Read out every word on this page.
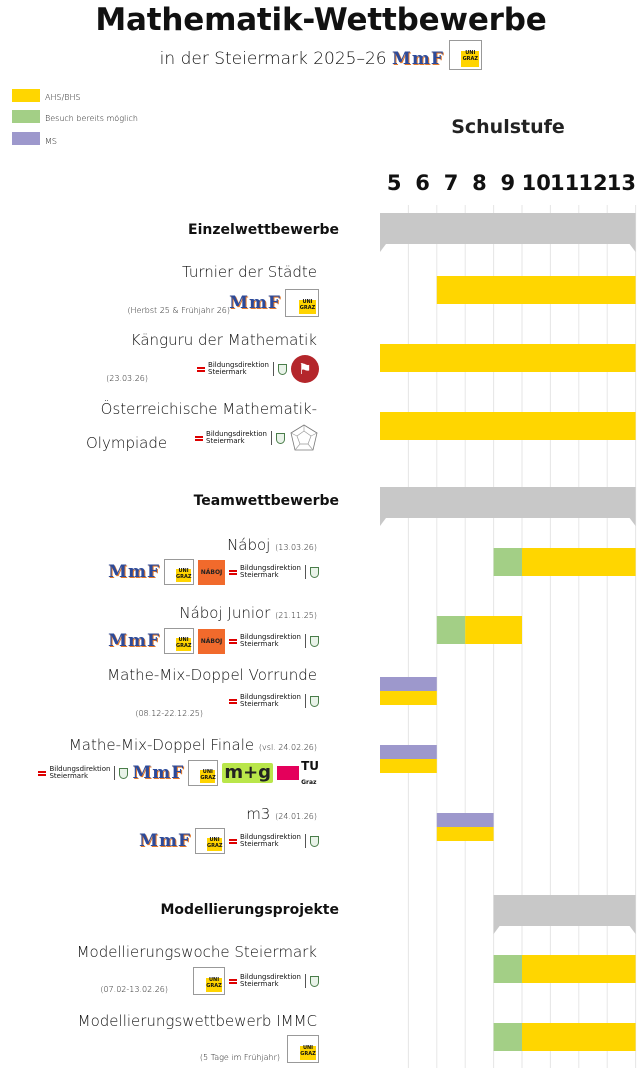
Schulstufe
5 6 7 8 9 10 11 12 13
Mathematik-Wettbewerbe
in der Steiermark 2025–26 MmF	UNI GRAZ
AHS/BHS
Besuch bereits möglich
MS
Einzelwettbewerbe
Teamwettbewerbe
Modellierungsprojekte
Turnier der Städte
(Herbst 25 & Frühjahr 26) MmF	UNI GRAZ
Känguru der Mathematik
(23.03.26)
Bildungsdirektion
Steiermark	⚑
Österreichische Mathematik-
Olympiade
Bildungsdirektion
Steiermark
Náboj (13.03.26)
MmF	UNI GRAZ
NÁBOJ
Bildungsdirektion
Steiermark
Náboj Junior (21.11.25)
MmF	UNI GRAZ
NÁBOJ
Bildungsdirektion
Steiermark
Mathe-Mix-Doppel Vorrunde
(08.12-22.12.25)
Bildungsdirektion
Steiermark
Mathe-Mix-Doppel Finale (vsl. 24.02.26)
Bildungsdirektion
Steiermark	MmF	UNI GRAZ m+g	TU
Graz
m3 (24.01.26)
MmF	UNI GRAZ
Bildungsdirektion
Steiermark
Modellierungswoche Steiermark
(07.02-13.02.26)
UNI GRAZ
Bildungsdirektion
Steiermark
Modellierungswettbewerb IMMC
(5 Tage im Frühjahr)
UNI GRAZ
